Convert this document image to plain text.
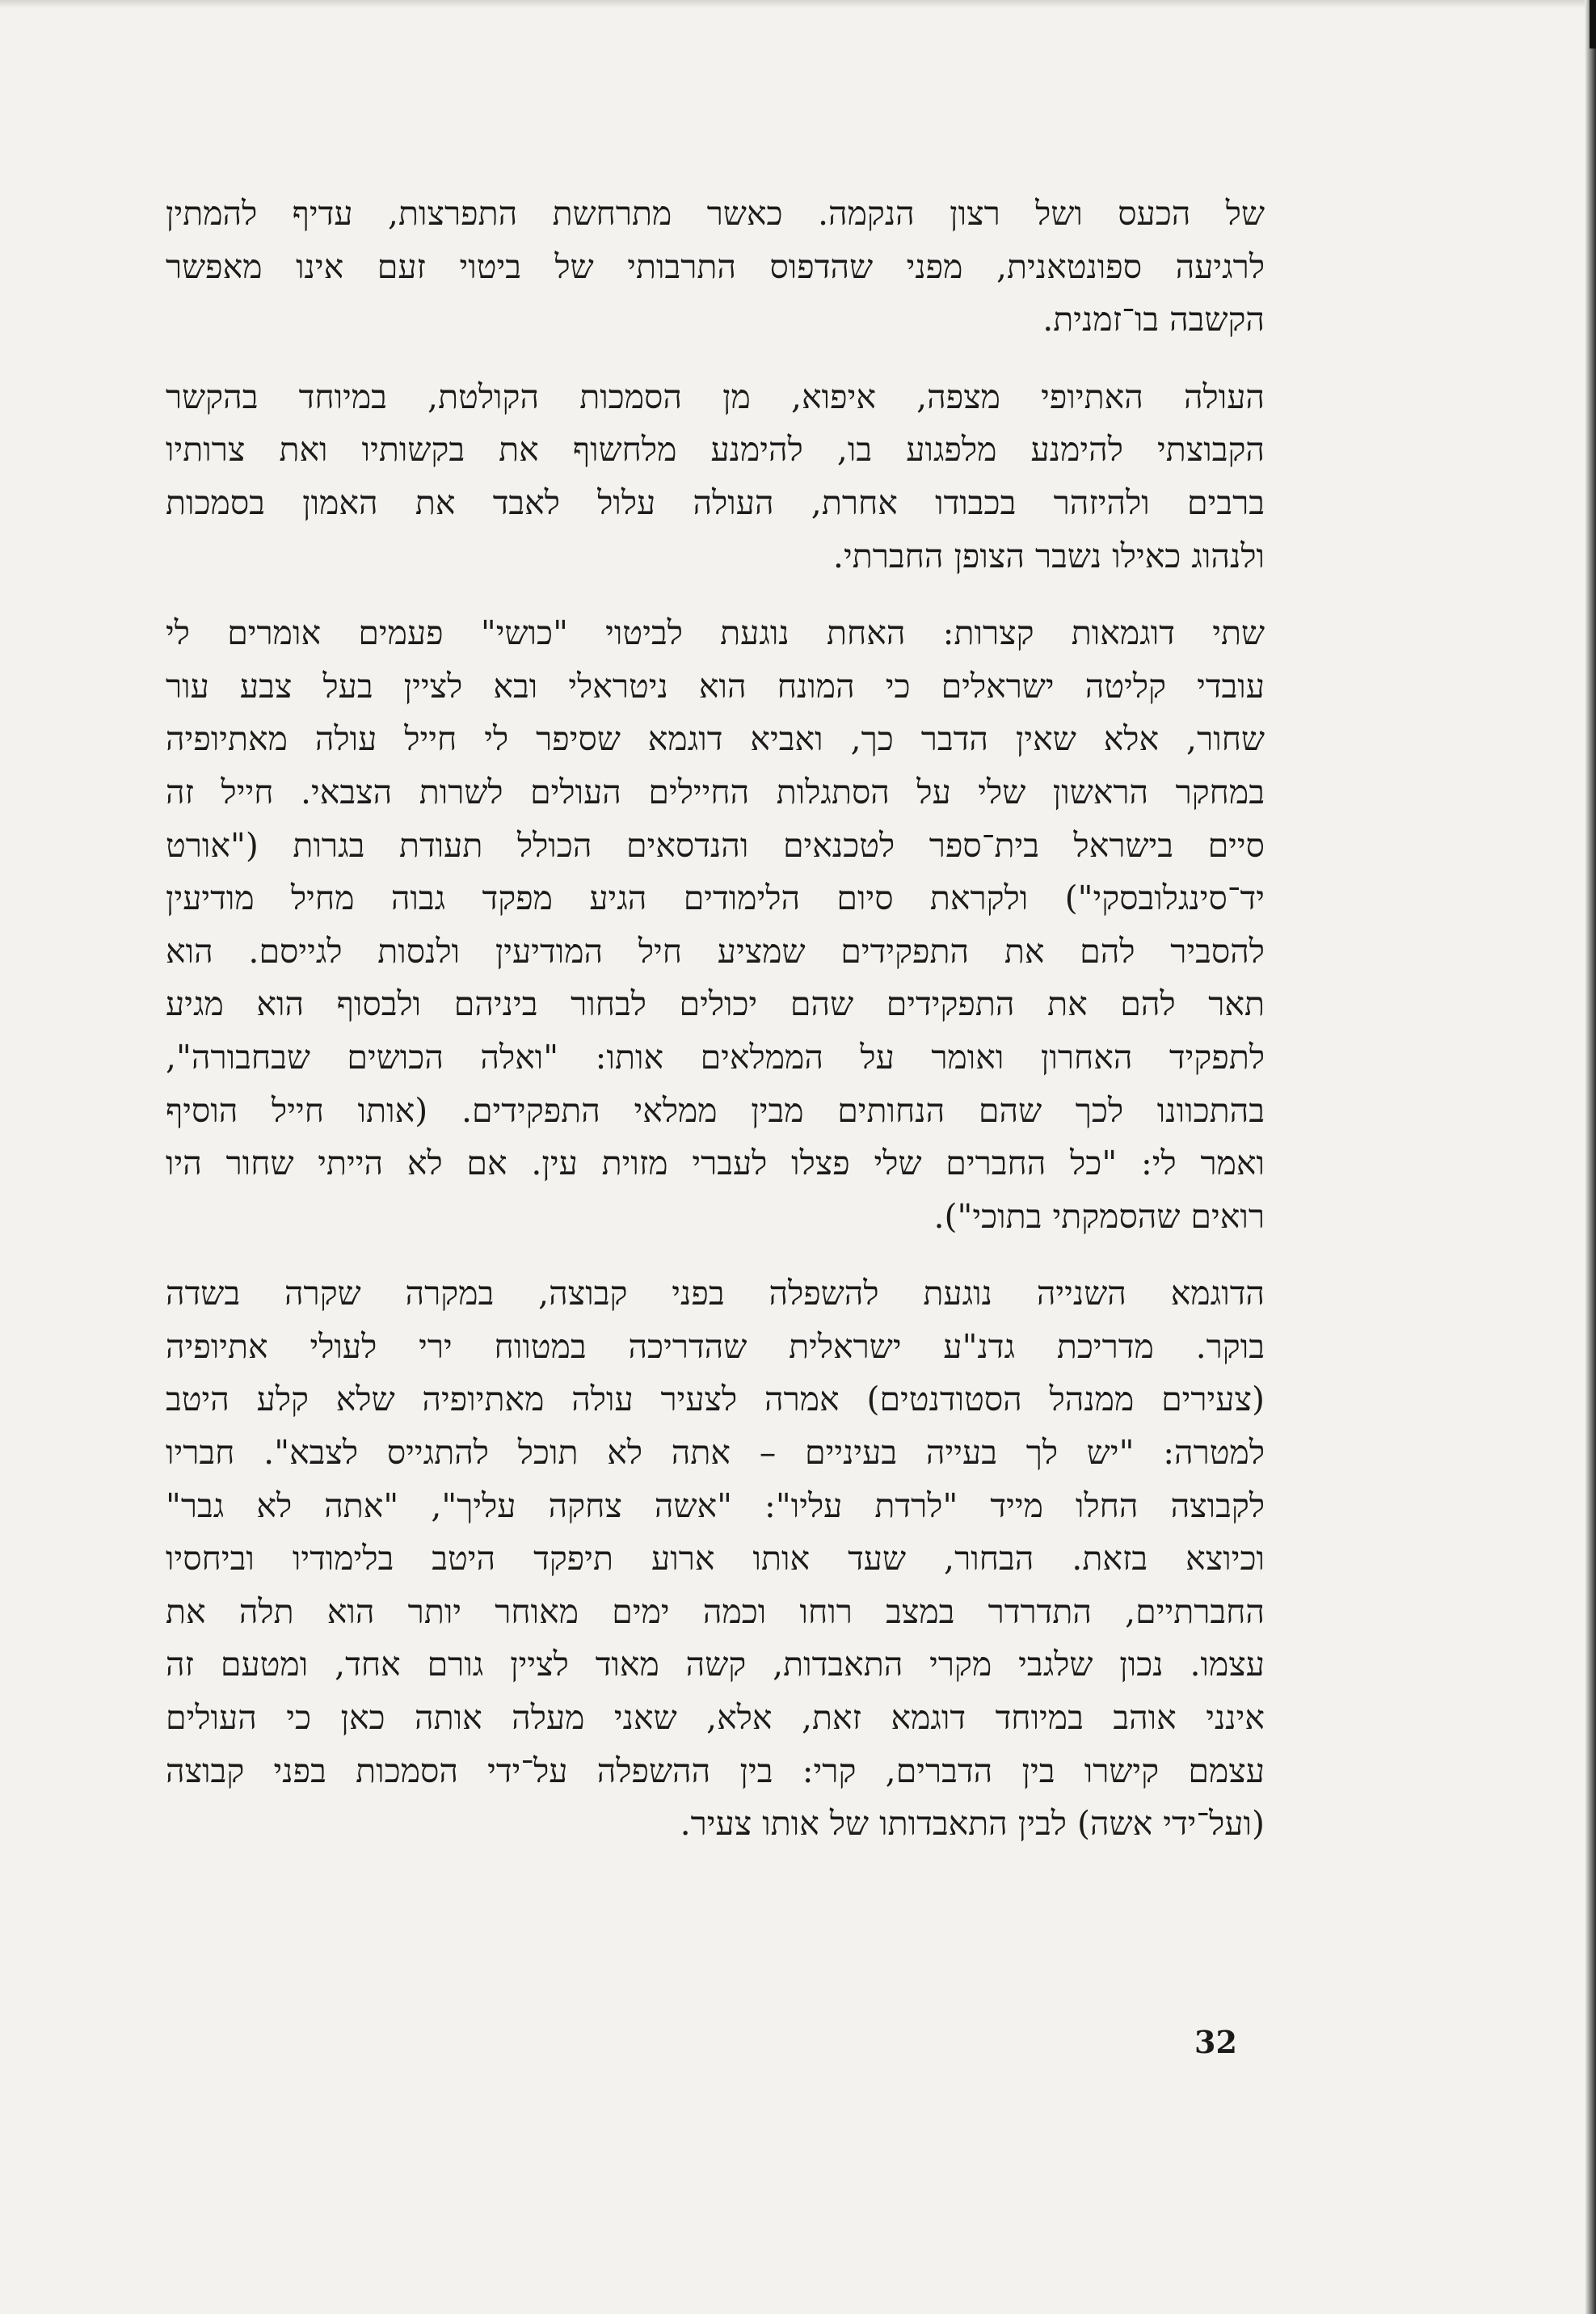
של הכעס ושל רצון הנקמה. כאשר מתרחשת התפרצות, עדיף להמתין
לרגיעה ספונטאנית, מפני שהדפוס התרבותי של ביטוי זעם אינו מאפשר
הקשבה בו־זמנית.

העולה האתיופי מצפה, איפוא, מן הסמכות הקולטת, במיוחד בהקשר
הקבוצתי להימנע מלפגוע בו, להימנע מלחשוף את בקשותיו ואת צרותיו
ברבים ולהיזהר בכבודו אחרת, העולה עלול לאבד את האמון בסמכות
ולנהוג כאילו נשבר הצופן החברתי.

שתי דוגמאות קצרות: האחת נוגעת לביטוי "כושי" פעמים אומרים לי
עובדי קליטה ישראלים כי המונח הוא ניטראלי ובא לציין בעל צבע עור
שחור, אלא שאין הדבר כך, ואביא דוגמא שסיפר לי חייל עולה מאתיופיה
במחקר הראשון שלי על הסתגלות החיילים העולים לשרות הצבאי. חייל זה
סיים בישראל בית־ספר לטכנאים והנדסאים הכולל תעודת בגרות ("אורט
יד־סינגלובסקי") ולקראת סיום הלימודים הגיע מפקד גבוה מחיל מודיעין
להסביר להם את התפקידים שמציע חיל המודיעין ולנסות לגייסם. הוא
תאר להם את התפקידים שהם יכולים לבחור ביניהם ולבסוף הוא מגיע
לתפקיד האחרון ואומר על הממלאים אותו: "ואלה הכושים שבחבורה",
בהתכוונו לכך שהם הנחותים מבין ממלאי התפקידים. (אותו חייל הוסיף
ואמר לי: "כל החברים שלי פצלו לעברי מזוית עין. אם לא הייתי שחור היו
רואים שהסמקתי בתוכי").

הדוגמא השנייה נוגעת להשפלה בפני קבוצה, במקרה שקרה בשדה
בוקר. מדריכת גדנ"ע ישראלית שהדריכה במטווח ירי לעולי אתיופיה
(צעירים ממנהל הסטודנטים) אמרה לצעיר עולה מאתיופיה שלא קלע היטב
למטרה: "יש לך בעייה בעיניים – אתה לא תוכל להתגייס לצבא". חבריו
לקבוצה החלו מייד "לרדת עליו": "אשה צחקה עליך", "אתה לא גבר"
וכיוצא בזאת. הבחור, שעד אותו ארוע תיפקד היטב בלימודיו וביחסיו
החברתיים, התדרדר במצב רוחו וכמה ימים מאוחר יותר הוא תלה את
עצמו. נכון שלגבי מקרי התאבדות, קשה מאוד לציין גורם אחד, ומטעם זה
אינני אוהב במיוחד דוגמא זאת, אלא, שאני מעלה אותה כאן כי העולים
עצמם קישרו בין הדברים, קרי: בין ההשפלה על־ידי הסמכות בפני קבוצה
(ועל־ידי אשה) לבין התאבדותו של אותו צעיר.

32
